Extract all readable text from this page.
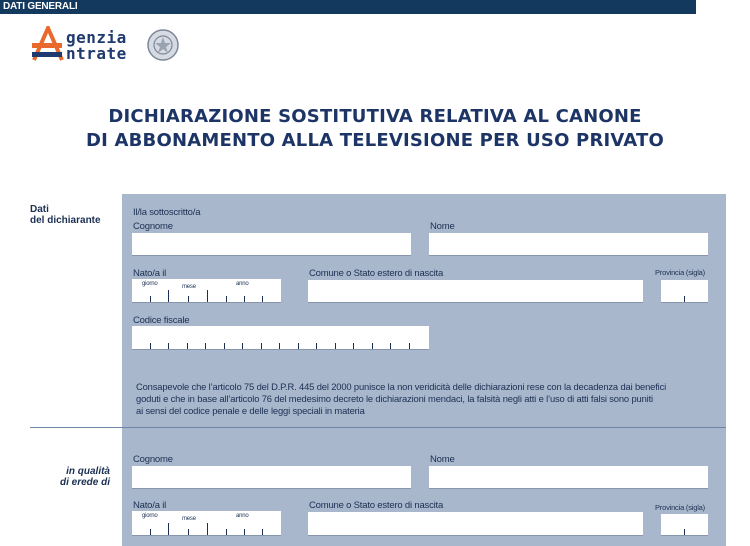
genzia
ntrate
DICHIARAZIONE SOSTITUTIVA RELATIVA AL CANONE
DI ABBONAMENTO ALLA TELEVISIONE PER USO PRIVATO
DATI GENERALI
Dati
del dichiarante
in qualità
di erede di
Il/la sottoscritto/a
Cognome	Nome
Nato/a il
giorno	mese	anno
Comune o Stato estero di nascita	Provincia (sigla)
Codice fiscale
Consapevole che l’articolo 75 del D.P.R. 445 del 2000 punisce la non veridicità delle dichiarazioni rese con la decadenza dai benefici
goduti e che in base all’articolo 76 del medesimo decreto le dichiarazioni mendaci, la falsità negli atti e l’uso di atti falsi sono puniti
ai sensi del codice penale e delle leggi speciali in materia
Cognome	Nome
Nato/a il
giorno	mese	anno
Comune o Stato estero di nascita	Provincia (sigla)
